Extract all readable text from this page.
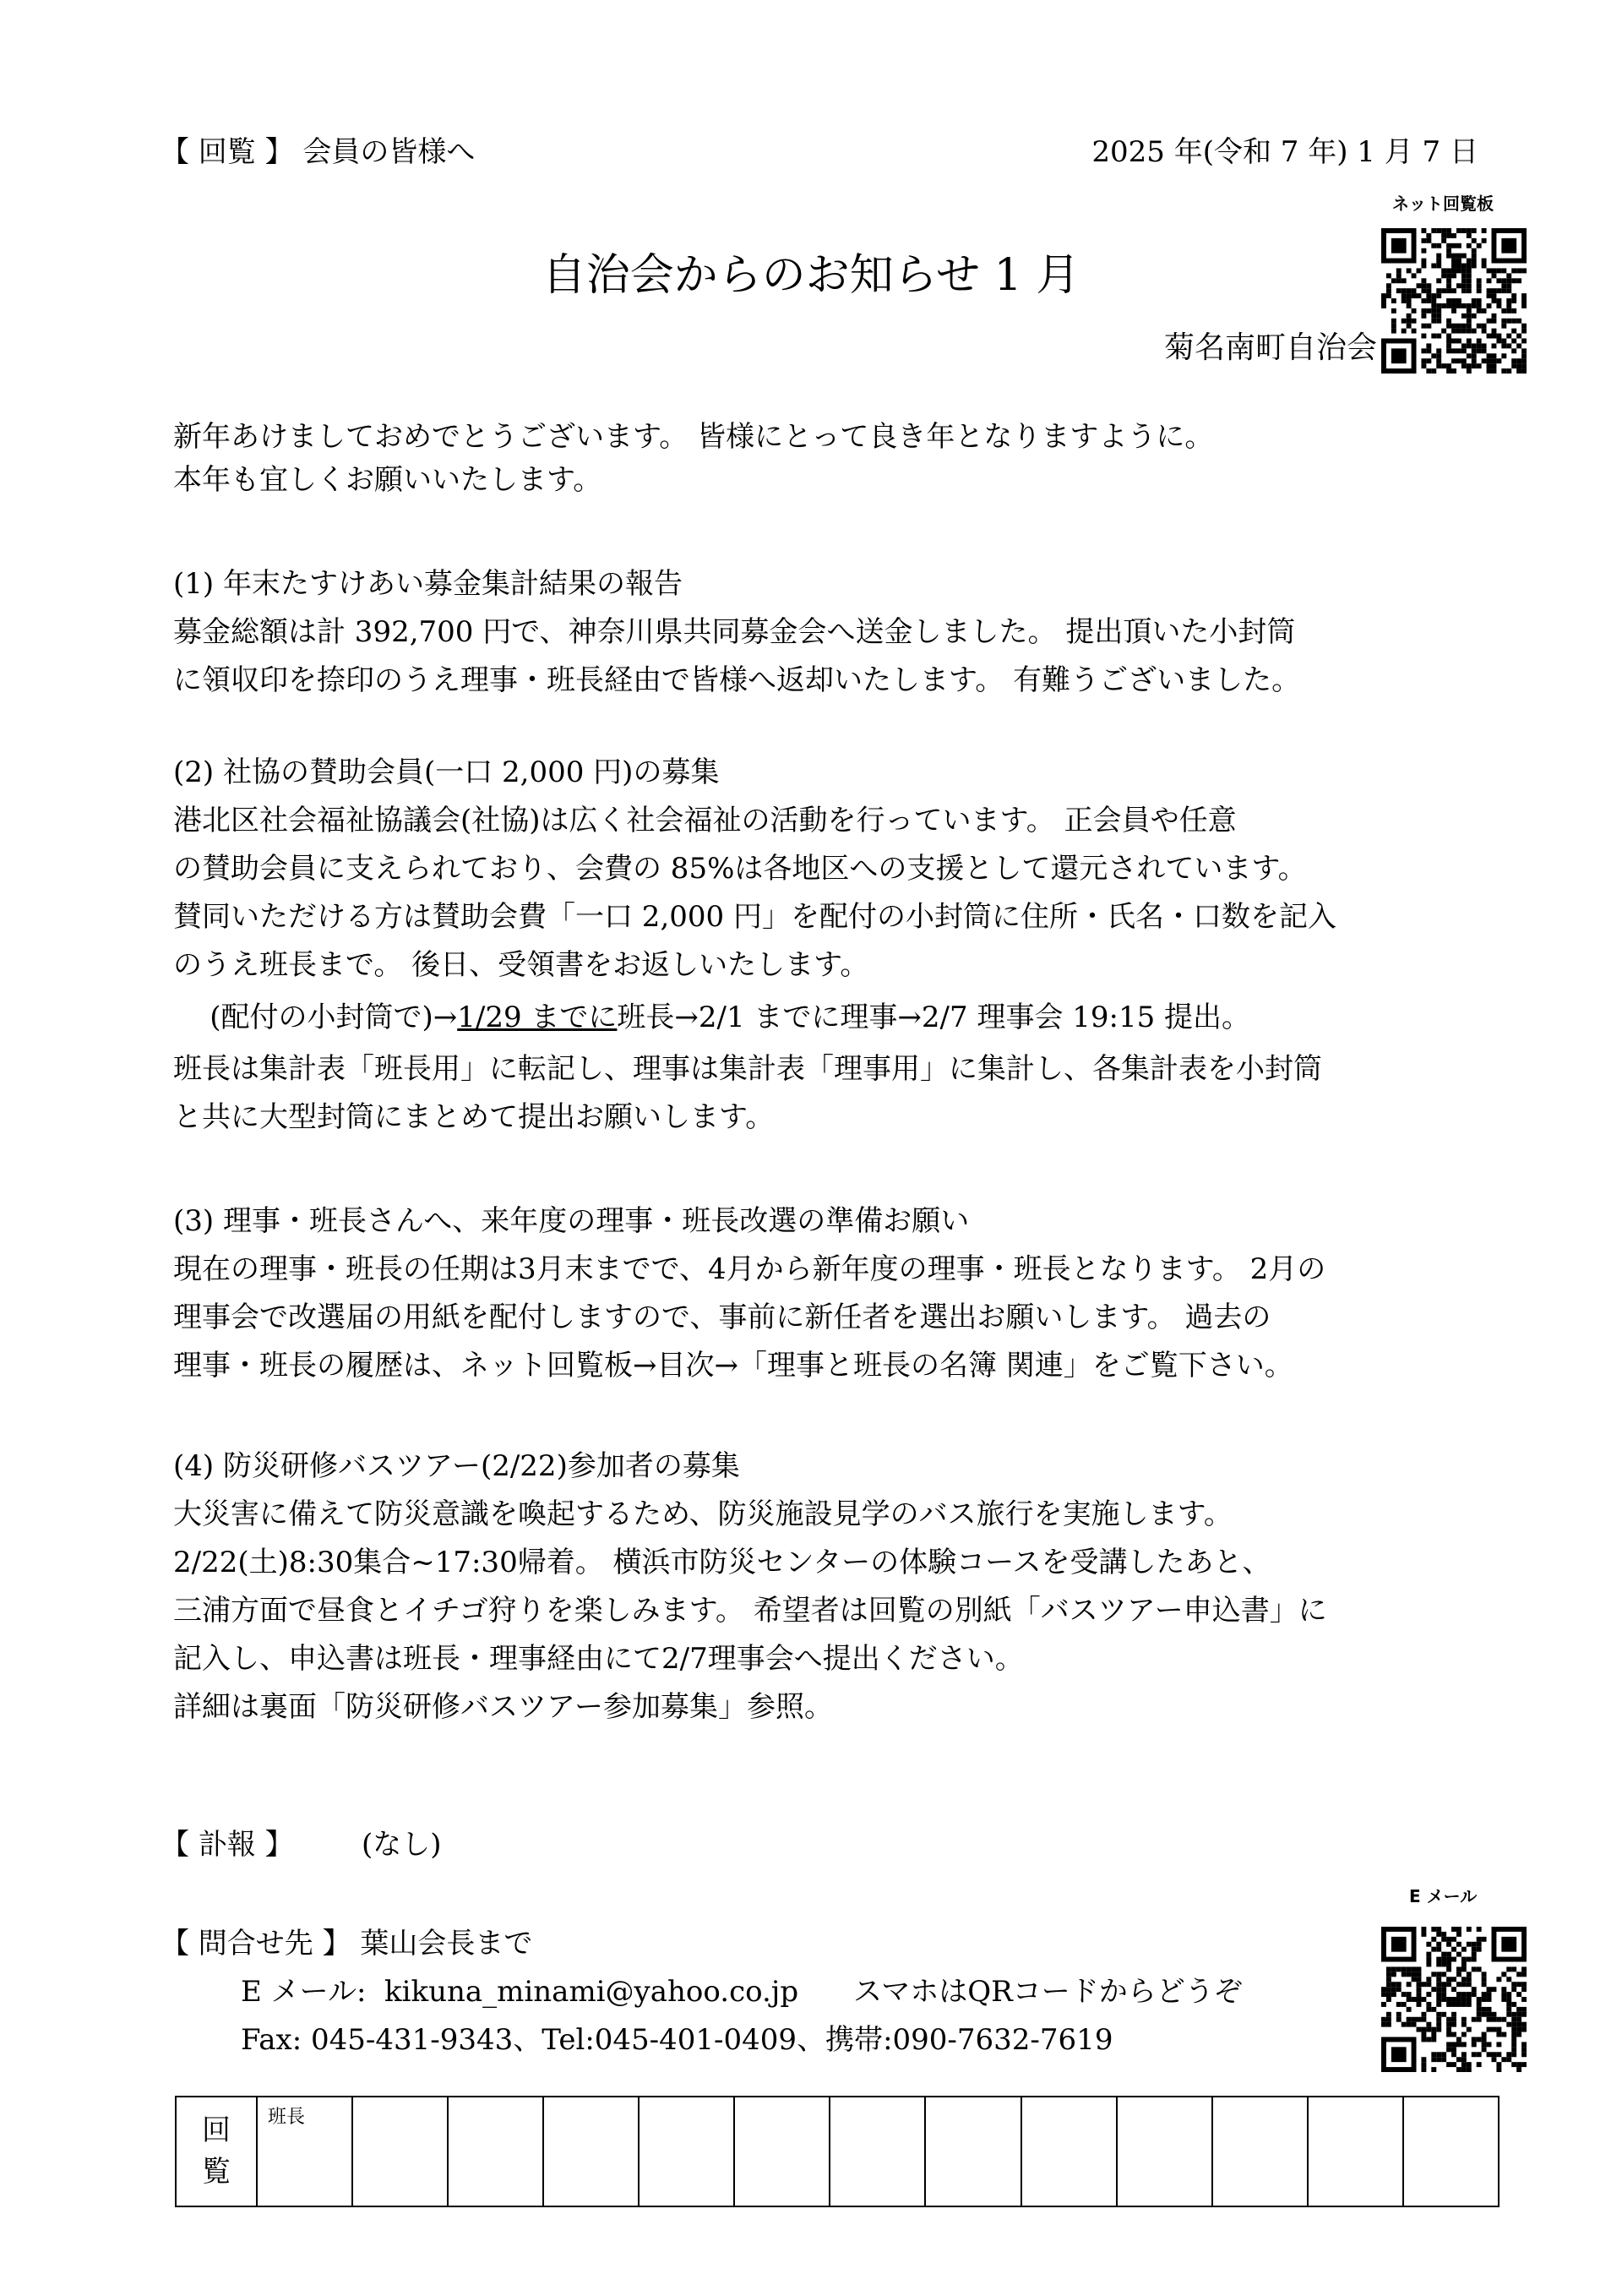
【 回覧 】 会員の皆様へ	2025 年(令和 7 年) 1 月 7 日
ネット回覧板
自治会からのお知らせ 1 月
菊名南町自治会
新年あけましておめでとうございます。 皆様にとって良き年となりますように。
本年も宜しくお願いいたします。
(1) 年末たすけあい募金集計結果の報告
募金総額は計 392,700 円で、神奈川県共同募金会へ送金しました。 提出頂いた小封筒
に領収印を捺印のうえ理事・班長経由で皆様へ返却いたします。 有難うございました。
(2) 社協の賛助会員(一口 2,000 円)の募集
港北区社会福祉協議会(社協)は広く社会福祉の活動を行っています。 正会員や任意
の賛助会員に支えられており、会費の 85%は各地区への支援として還元されています。
賛同いただける方は賛助会費「一口 2,000 円」を配付の小封筒に住所・氏名・口数を記入
のうえ班長まで。 後日、受領書をお返しいたします。
(配付の小封筒で)→1/29 までに班長→2/1 までに理事→2/7 理事会 19:15 提出。
班長は集計表「班長用」に転記し、理事は集計表「理事用」に集計し、各集計表を小封筒
と共に大型封筒にまとめて提出お願いします。
(3) 理事・班長さんへ、来年度の理事・班長改選の準備お願い
現在の理事・班長の任期は3月末までで、4月から新年度の理事・班長となります。 2月の
理事会で改選届の用紙を配付しますので、事前に新任者を選出お願いします。 過去の
理事・班長の履歴は、ネット回覧板→目次→「理事と班長の名簿 関連」をご覧下さい。
(4) 防災研修バスツアー(2/22)参加者の募集
大災害に備えて防災意識を喚起するため、防災施設見学のバス旅行を実施します。
2/22(土)8:30集合~17:30帰着。 横浜市防災センターの体験コースを受講したあと、
三浦方面で昼食とイチゴ狩りを楽しみます。 希望者は回覧の別紙「バスツアー申込書」に
記入し、申込書は班長・理事経由にて2/7理事会へ提出ください。
詳細は裏面「防災研修バスツアー参加募集」参照。
【 訃報 】 (なし)
E メール
【 問合せ先 】 葉山会長まで
E メール:  kikuna_minami@yahoo.co.jp      スマホはQRコードからどうぞ
Fax: 045-431-9343、Tel:045-401-0409、携帯:090-7632-7619
回
覧
	班長												
